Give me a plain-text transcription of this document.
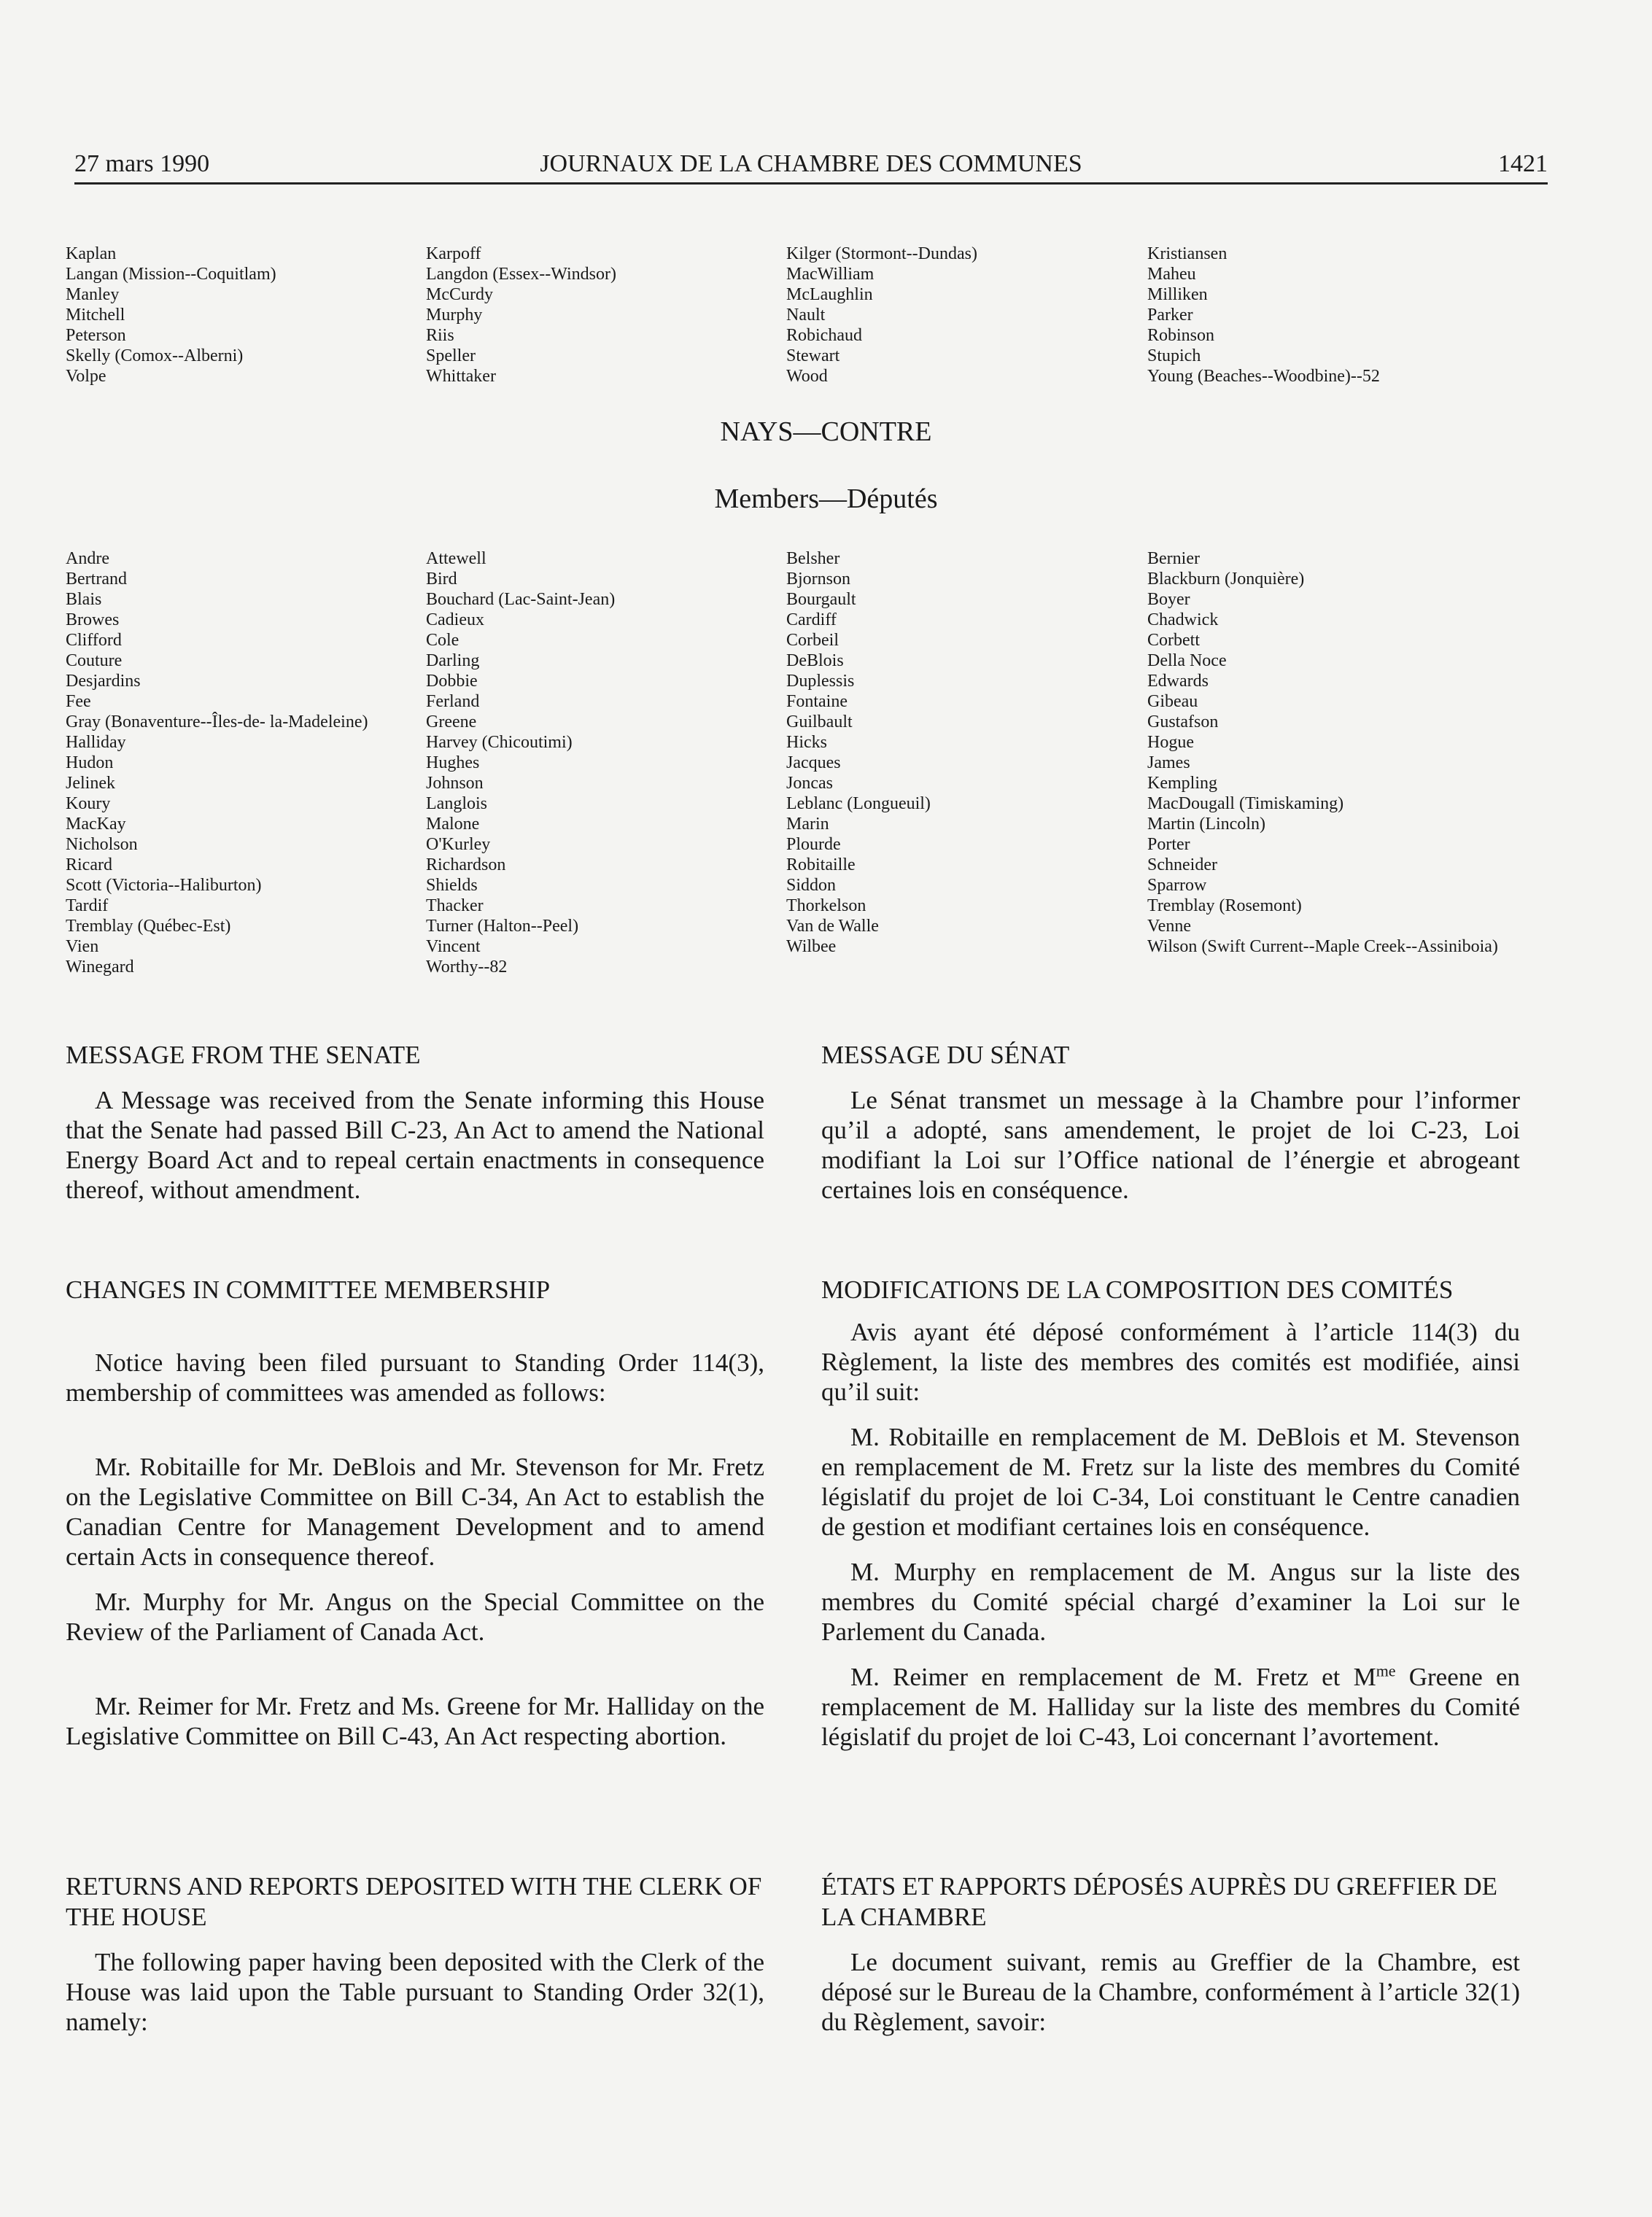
27 mars 1990	JOURNAUX DE LA CHAMBRE DES COMMUNES	1421
Kaplan
Langan (Mission--Coquitlam)
Manley
Mitchell
Peterson
Skelly (Comox--Alberni)
Volpe
Karpoff
Langdon (Essex--Windsor)
McCurdy
Murphy
Riis
Speller
Whittaker
Kilger (Stormont--Dundas)
MacWilliam
McLaughlin
Nault
Robichaud
Stewart
Wood
Kristiansen
Maheu
Milliken
Parker
Robinson
Stupich
Young (Beaches--Woodbine)--52
NAYS—CONTRE
Members—Députés
Andre
Bertrand
Blais
Browes
Clifford
Couture
Desjardins
Fee
Gray (Bonaventure--Îles-de- la-Madeleine)
Halliday
Hudon
Jelinek
Koury
MacKay
Nicholson
Ricard
Scott (Victoria--Haliburton)
Tardif
Tremblay (Québec-Est)
Vien
Winegard
Attewell
Bird
Bouchard (Lac-Saint-Jean)
Cadieux
Cole
Darling
Dobbie
Ferland
Greene
Harvey (Chicoutimi)
Hughes
Johnson
Langlois
Malone
O'Kurley
Richardson
Shields
Thacker
Turner (Halton--Peel)
Vincent
Worthy--82
Belsher
Bjornson
Bourgault
Cardiff
Corbeil
DeBlois
Duplessis
Fontaine
Guilbault
Hicks
Jacques
Joncas
Leblanc (Longueuil)
Marin
Plourde
Robitaille
Siddon
Thorkelson
Van de Walle
Wilbee
Bernier
Blackburn (Jonquière)
Boyer
Chadwick
Corbett
Della Noce
Edwards
Gibeau
Gustafson
Hogue
James
Kempling
MacDougall (Timiskaming)
Martin (Lincoln)
Porter
Schneider
Sparrow
Tremblay (Rosemont)
Venne
Wilson (Swift Current--Maple Creek--Assiniboia)
MESSAGE FROM THE SENATE

A Message was received from the Senate informing this House that the Senate had passed Bill C-23, An Act to amend the National Energy Board Act and to repeal certain enactments in consequence thereof, without amendment.

CHANGES IN COMMITTEE MEMBERSHIP

Notice having been filed pursuant to Standing Order 114(3), membership of committees was amended as follows:

Mr. Robitaille for Mr. DeBlois and Mr. Stevenson for Mr. Fretz on the Legislative Committee on Bill C-34, An Act to establish the Canadian Centre for Management Development and to amend certain Acts in consequence thereof.

Mr. Murphy for Mr. Angus on the Special Committee on the Review of the Parliament of Canada Act.

Mr. Reimer for Mr. Fretz and Ms. Greene for Mr. Halliday on the Legislative Committee on Bill C-43, An Act respecting abortion.

RETURNS AND REPORTS DEPOSITED WITH THE CLERK OF THE HOUSE

The following paper having been deposited with the Clerk of the House was laid upon the Table pursuant to Standing Order 32(1), namely:

MESSAGE DU SÉNAT

Le Sénat transmet un message à la Chambre pour l’informer qu’il a adopté, sans amendement, le projet de loi C-23, Loi modifiant la Loi sur l’Office national de l’énergie et abrogeant certaines lois en conséquence.

MODIFICATIONS DE LA COMPOSITION DES COMITÉS

Avis ayant été déposé conformément à l’article 114(3) du Règlement, la liste des membres des comités est modifiée, ainsi qu’il suit:

M. Robitaille en remplacement de M. DeBlois et M. Stevenson en remplacement de M. Fretz sur la liste des membres du Comité législatif du projet de loi C-34, Loi constituant le Centre canadien de gestion et modifiant certaines lois en conséquence.

M. Murphy en remplacement de M. Angus sur la liste des membres du Comité spécial chargé d’examiner la Loi sur le Parlement du Canada.

M. Reimer en remplacement de M. Fretz et $M^{me}$ Greene en remplacement de M. Halliday sur la liste des membres du Comité législatif du projet de loi C-43, Loi concernant l’avortement.

ÉTATS ET RAPPORTS DÉPOSÉS AUPRÈS DU GREFFIER DE LA CHAMBRE

Le document suivant, remis au Greffier de la Chambre, est déposé sur le Bureau de la Chambre, conformément à l’article 32(1) du Règlement, savoir:
